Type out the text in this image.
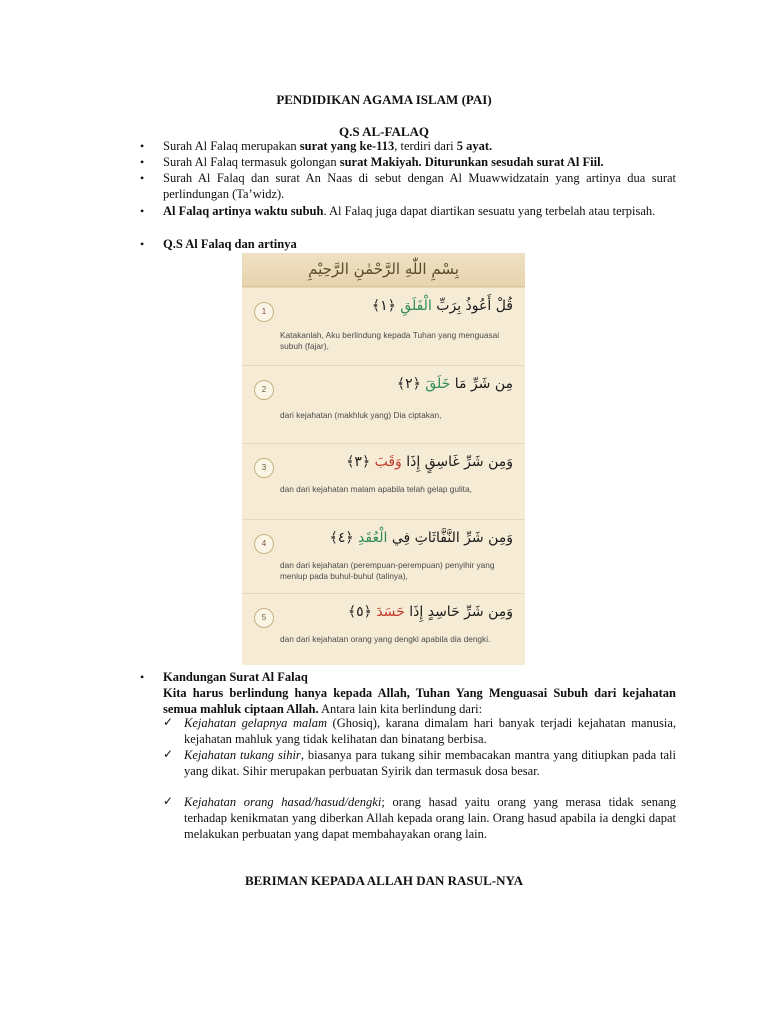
PENDIDIKAN AGAMA ISLAM (PAI)
Q.S AL-FALAQ
• Surah Al Falaq merupakan surat yang ke-113, terdiri dari 5 ayat.
• Surah Al Falaq termasuk golongan surat Makiyah. Diturunkan sesudah surat Al Fiil.
• Surah Al Falaq dan surat An Naas di sebut dengan Al Muawwidzatain yang artinya dua surat perlindungan (Ta’widz).
• Al Falaq artinya waktu subuh. Al Falaq juga dapat diartikan sesuatu yang terbelah atau terpisah.
• Q.S Al Falaq dan artinya
بِسْمِ اللّٰهِ الرَّحْمٰنِ الرَّحِيْمِ
1	قُلْ أَعُوذُ بِرَبِّ الْفَلَقِ ﴿١﴾
Katakanlah, Aku berlindung kepada Tuhan yang menguasai subuh (fajar),
2	مِن شَرِّ مَا خَلَقَ ﴿٢﴾
dari kejahatan (makhluk yang) Dia ciptakan,
3	وَمِن شَرِّ غَاسِقٍ إِذَا وَقَبَ ﴿٣﴾
dan dari kejahatan malam apabila telah gelap gulita,
4	وَمِن شَرِّ النَّفَّاثَاتِ فِي الْعُقَدِ ﴿٤﴾
dan dari kejahatan (perempuan-perempuan) penyihir yang meniup pada buhul-buhul (talinya),
5	وَمِن شَرِّ حَاسِدٍ إِذَا حَسَدَ ﴿٥﴾
dan dari kejahatan orang yang dengki apabila dia dengki.
• Kandungan Surat Al Falaq
Kita harus berlindung hanya kepada Allah, Tuhan Yang Menguasai Subuh dari kejahatan semua mahluk ciptaan Allah. Antara lain kita berlindung dari:
✓ Kejahatan gelapnya malam (Ghosiq), karana dimalam hari banyak terjadi kejahatan manusia, kejahatan mahluk yang tidak kelihatan dan binatang berbisa.
✓ Kejahatan tukang sihir, biasanya para tukang sihir membacakan mantra yang ditiupkan pada tali yang dikat. Sihir merupakan perbuatan Syirik dan termasuk dosa besar.
✓ Kejahatan orang hasad/hasud/dengki; orang hasad yaitu orang yang merasa tidak senang terhadap kenikmatan yang diberkan Allah kepada orang lain. Orang hasud apabila ia dengki dapat melakukan perbuatan yang dapat membahayakan orang lain.
BERIMAN KEPADA ALLAH DAN RASUL-NYA
